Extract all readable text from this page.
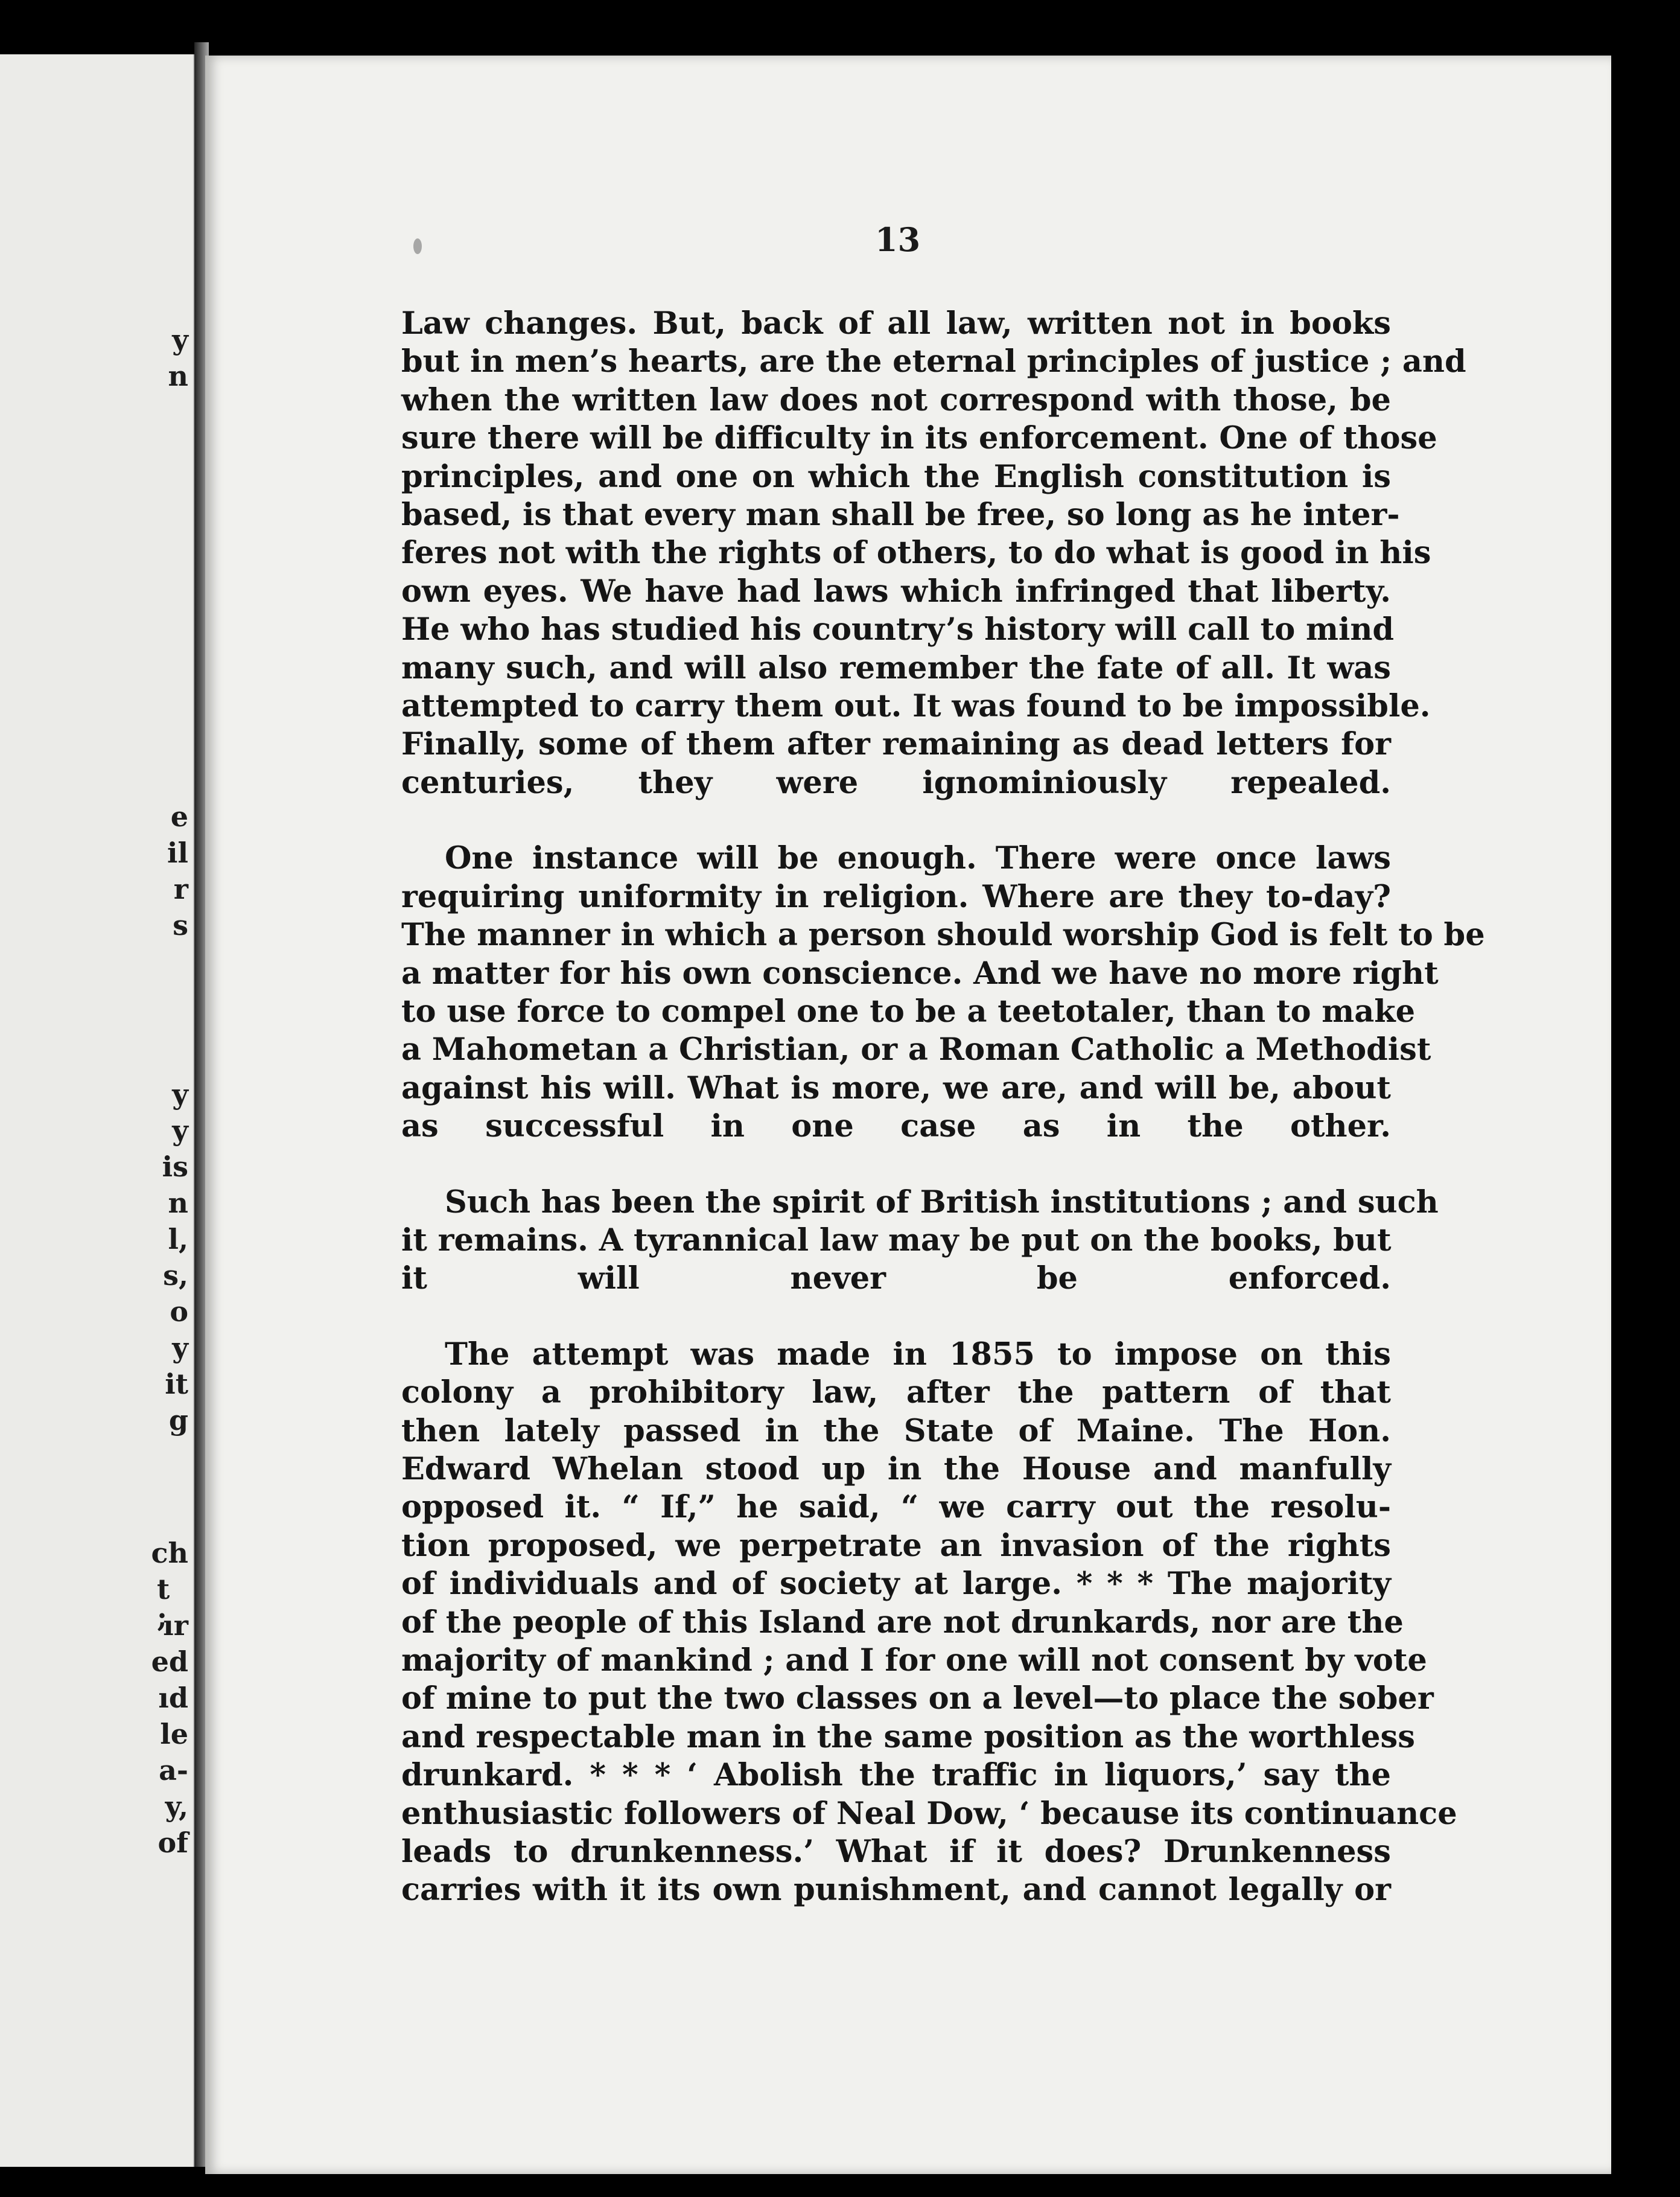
y
n
e
il
r
s
y
y
is
n
l,
s,
o
y
it
g
ch
t ;
ır
ed
ıd
le
a-
y,
of
13

Law changes. But, back of all law, written not in books
but in men’s hearts, are the eternal principles of justice ; and
when the written law does not correspond with those, be
sure there will be difficulty in its enforcement. One of those
principles, and one on which the English constitution is
based, is that every man shall be free, so long as he inter-
feres not with the rights of others, to do what is good in his
own eyes. We have had laws which infringed that liberty.
He who has studied his country’s history will call to mind
many such, and will also remember the fate of all. It was
attempted to carry them out. It was found to be impossible.
Finally, some of them after remaining as dead letters for
centuries, they were ignominiously repealed.

One instance will be enough. There were once laws
requiring uniformity in religion. Where are they to-day?
The manner in which a person should worship God is felt to be
a matter for his own conscience. And we have no more right
to use force to compel one to be a teetotaler, than to make
a Mahometan a Christian, or a Roman Catholic a Methodist
against his will. What is more, we are, and will be, about
as successful in one case as in the other.

Such has been the spirit of British institutions ; and such
it remains. A tyrannical law may be put on the books, but
it will never be enforced.

The attempt was made in 1855 to impose on this
colony a prohibitory law, after the pattern of that
then lately passed in the State of Maine. The Hon.
Edward Whelan stood up in the House and manfully
opposed it. “ If,” he said, “ we carry out the resolu-
tion proposed, we perpetrate an invasion of the rights
of individuals and of society at large. * * * The majority
of the people of this Island are not drunkards, nor are the
majority of mankind ; and I for one will not consent by vote
of mine to put the two classes on a level—to place the sober
and respectable man in the same position as the worthless
drunkard. * * * ‘ Abolish the traffic in liquors,’ say the
enthusiastic followers of Neal Dow, ‘ because its continuance
leads to drunkenness.’ What if it does? Drunkenness
carries with it its own punishment, and cannot legally or
